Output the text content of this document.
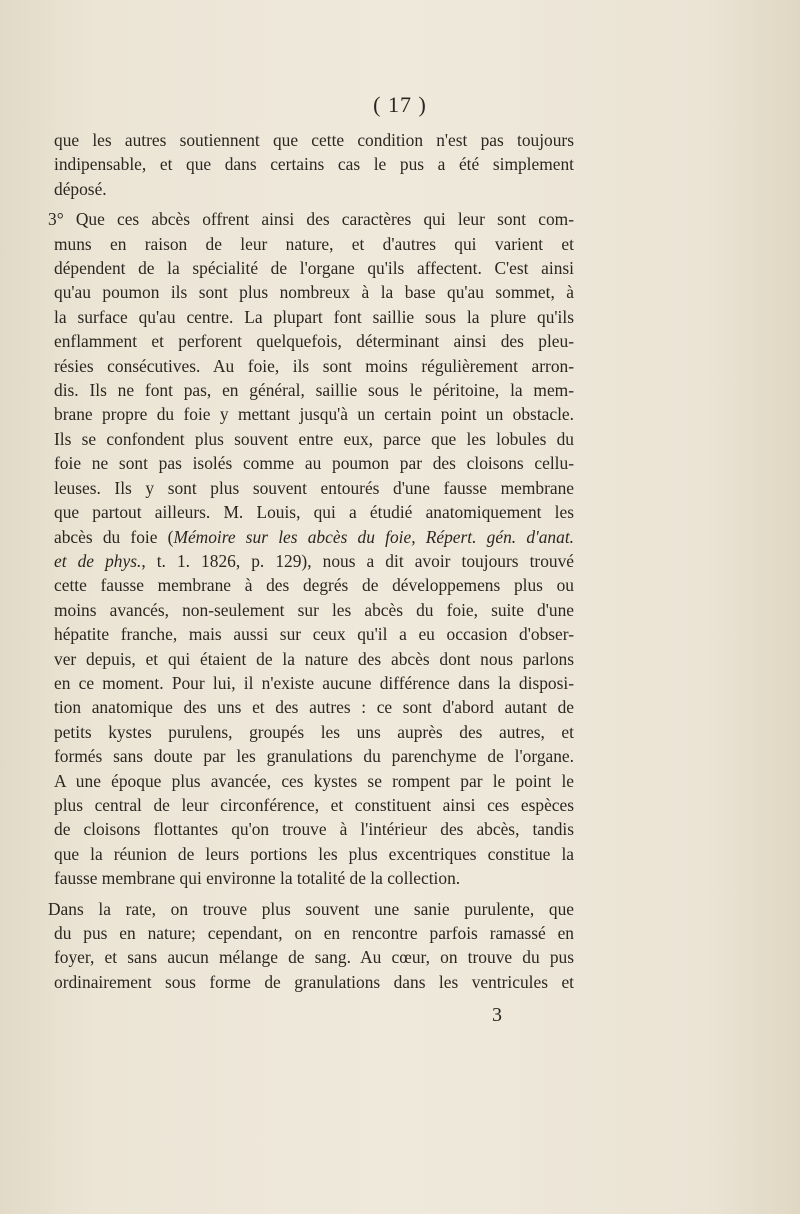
( 17 )

que les autres soutiennent que cette condition n'est pas toujours
indipensable, et que dans certains cas le pus a été simplement
déposé.

3° Que ces abcès offrent ainsi des caractères qui leur sont com-
muns en raison de leur nature, et d'autres qui varient et
dépendent de la spécialité de l'organe qu'ils affectent. C'est ainsi
qu'au poumon ils sont plus nombreux à la base qu'au sommet, à
la surface qu'au centre. La plupart font saillie sous la plure qu'ils
enflamment et perforent quelquefois, déterminant ainsi des pleu-
résies consécutives. Au foie, ils sont moins régulièrement arron-
dis. Ils ne font pas, en général, saillie sous le péritoine, la mem-
brane propre du foie y mettant jusqu'à un certain point un obstacle.
Ils se confondent plus souvent entre eux, parce que les lobules du
foie ne sont pas isolés comme au poumon par des cloisons cellu-
leuses. Ils y sont plus souvent entourés d'une fausse membrane
que partout ailleurs. M. Louis, qui a étudié anatomiquement les
abcès du foie (Mémoire sur les abcès du foie, Répert. gén. d'anat.
et de phys., t. 1. 1826, p. 129), nous a dit avoir toujours trouvé
cette fausse membrane à des degrés de développemens plus ou
moins avancés, non-seulement sur les abcès du foie, suite d'une
hépatite franche, mais aussi sur ceux qu'il a eu occasion d'obser-
ver depuis, et qui étaient de la nature des abcès dont nous parlons
en ce moment. Pour lui, il n'existe aucune différence dans la disposi-
tion anatomique des uns et des autres : ce sont d'abord autant de
petits kystes purulens, groupés les uns auprès des autres, et
formés sans doute par les granulations du parenchyme de l'organe.
A une époque plus avancée, ces kystes se rompent par le point le
plus central de leur circonférence, et constituent ainsi ces espèces
de cloisons flottantes qu'on trouve à l'intérieur des abcès, tandis
que la réunion de leurs portions les plus excentriques constitue la
fausse membrane qui environne la totalité de la collection.

Dans la rate, on trouve plus souvent une sanie purulente, que
du pus en nature; cependant, on en rencontre parfois ramassé en
foyer, et sans aucun mélange de sang. Au cœur, on trouve du pus
ordinairement sous forme de granulations dans les ventricules et

3
